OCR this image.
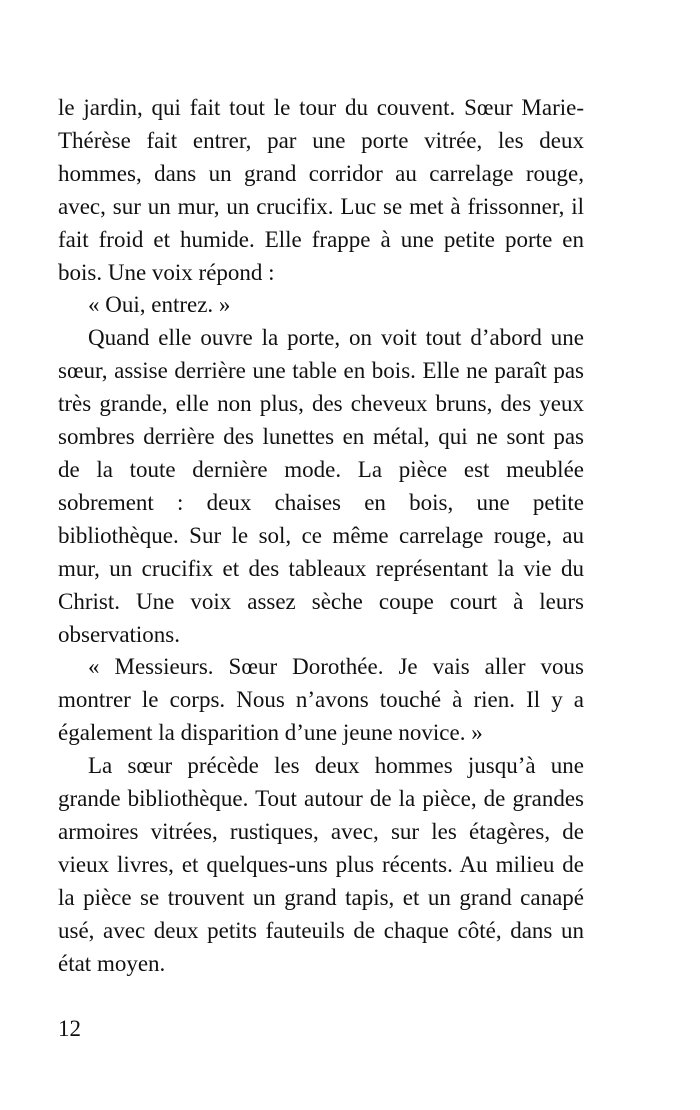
le jardin, qui fait tout le tour du couvent. Sœur Marie-Thérèse fait entrer, par une porte vitrée, les deux hommes, dans un grand corridor au carrelage rouge, avec, sur un mur, un crucifix. Luc se met à frissonner, il fait froid et humide. Elle frappe à une petite porte en bois. Une voix répond :

« Oui, entrez. »

Quand elle ouvre la porte, on voit tout d’abord une sœur, assise derrière une table en bois. Elle ne paraît pas très grande, elle non plus, des cheveux bruns, des yeux sombres derrière des lunettes en métal, qui ne sont pas de la toute dernière mode. La pièce est meublée sobrement : deux chaises en bois, une petite bibliothèque. Sur le sol, ce même carrelage rouge, au mur, un crucifix et des tableaux représentant la vie du Christ. Une voix assez sèche coupe court à leurs observations.

« Messieurs. Sœur Dorothée. Je vais aller vous montrer le corps. Nous n’avons touché à rien. Il y a également la disparition d’une jeune novice. »

La sœur précède les deux hommes jusqu’à une grande bibliothèque. Tout autour de la pièce, de grandes armoires vitrées, rustiques, avec, sur les étagères, de vieux livres, et quelques-uns plus récents. Au milieu de la pièce se trouvent un grand tapis, et un grand canapé usé, avec deux petits fauteuils de chaque côté, dans un état moyen.

12
